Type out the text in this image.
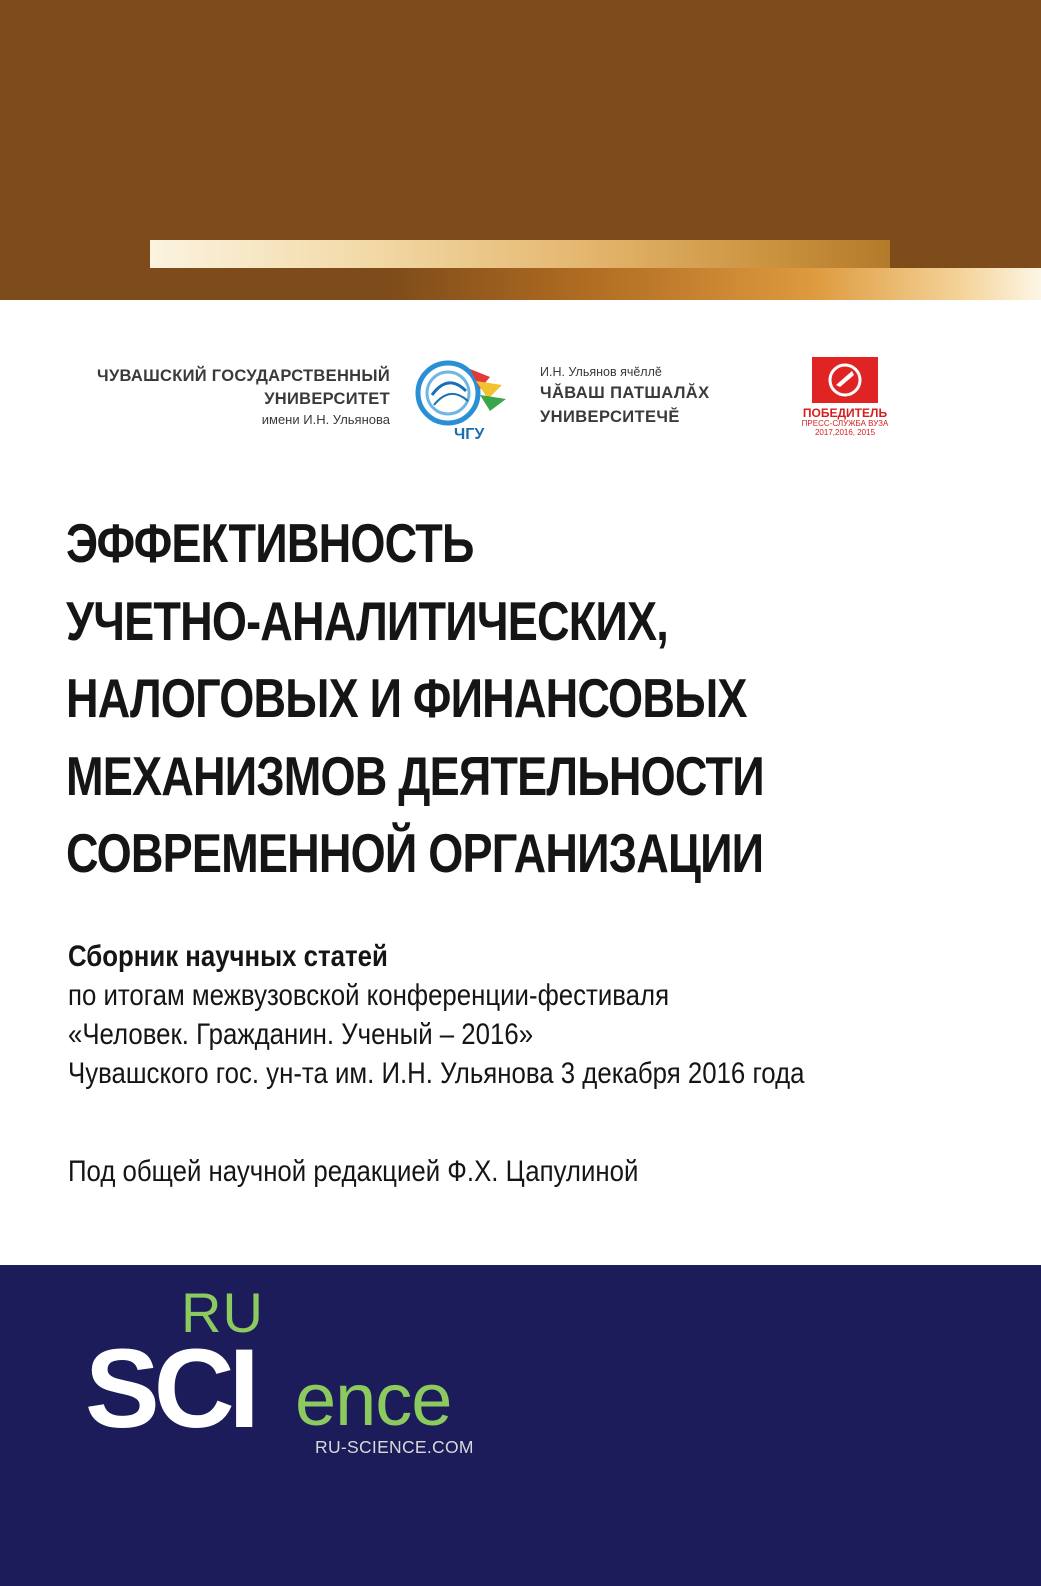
ЧУВАШСКИЙ ГОСУДАРСТВЕННЫЙ
УНИВЕРСИТЕТ
имени И.Н. Ульянова
ЧГУ
И.Н. Ульянов ячĕллĕ
ЧĂВАШ ПАТШАЛĂХ
УНИВЕРСИТЕЧĔ	ПОБЕДИТЕЛЬ
ПРЕСС-СЛУЖБА ВУЗА
2017,2016, 2015
ЭФФЕКТИВНОСТЬ
УЧЕТНО-АНАЛИТИЧЕСКИХ,
НАЛОГОВЫХ И ФИНАНСОВЫХ
МЕХАНИЗМОВ ДЕЯТЕЛЬНОСТИ
СОВРЕМЕННОЙ ОРГАНИЗАЦИИ
Сборник научных статей
по итогам межвузовской конференции-фестиваля
«Человек. Гражданин. Ученый – 2016»
Чувашского гос. ун-та им. И.Н. Ульянова 3 декабря 2016 года
Под общей научной редакцией Ф.Х. Цапулиной
RU
SCI ence
RU-SCIENCE.COM
